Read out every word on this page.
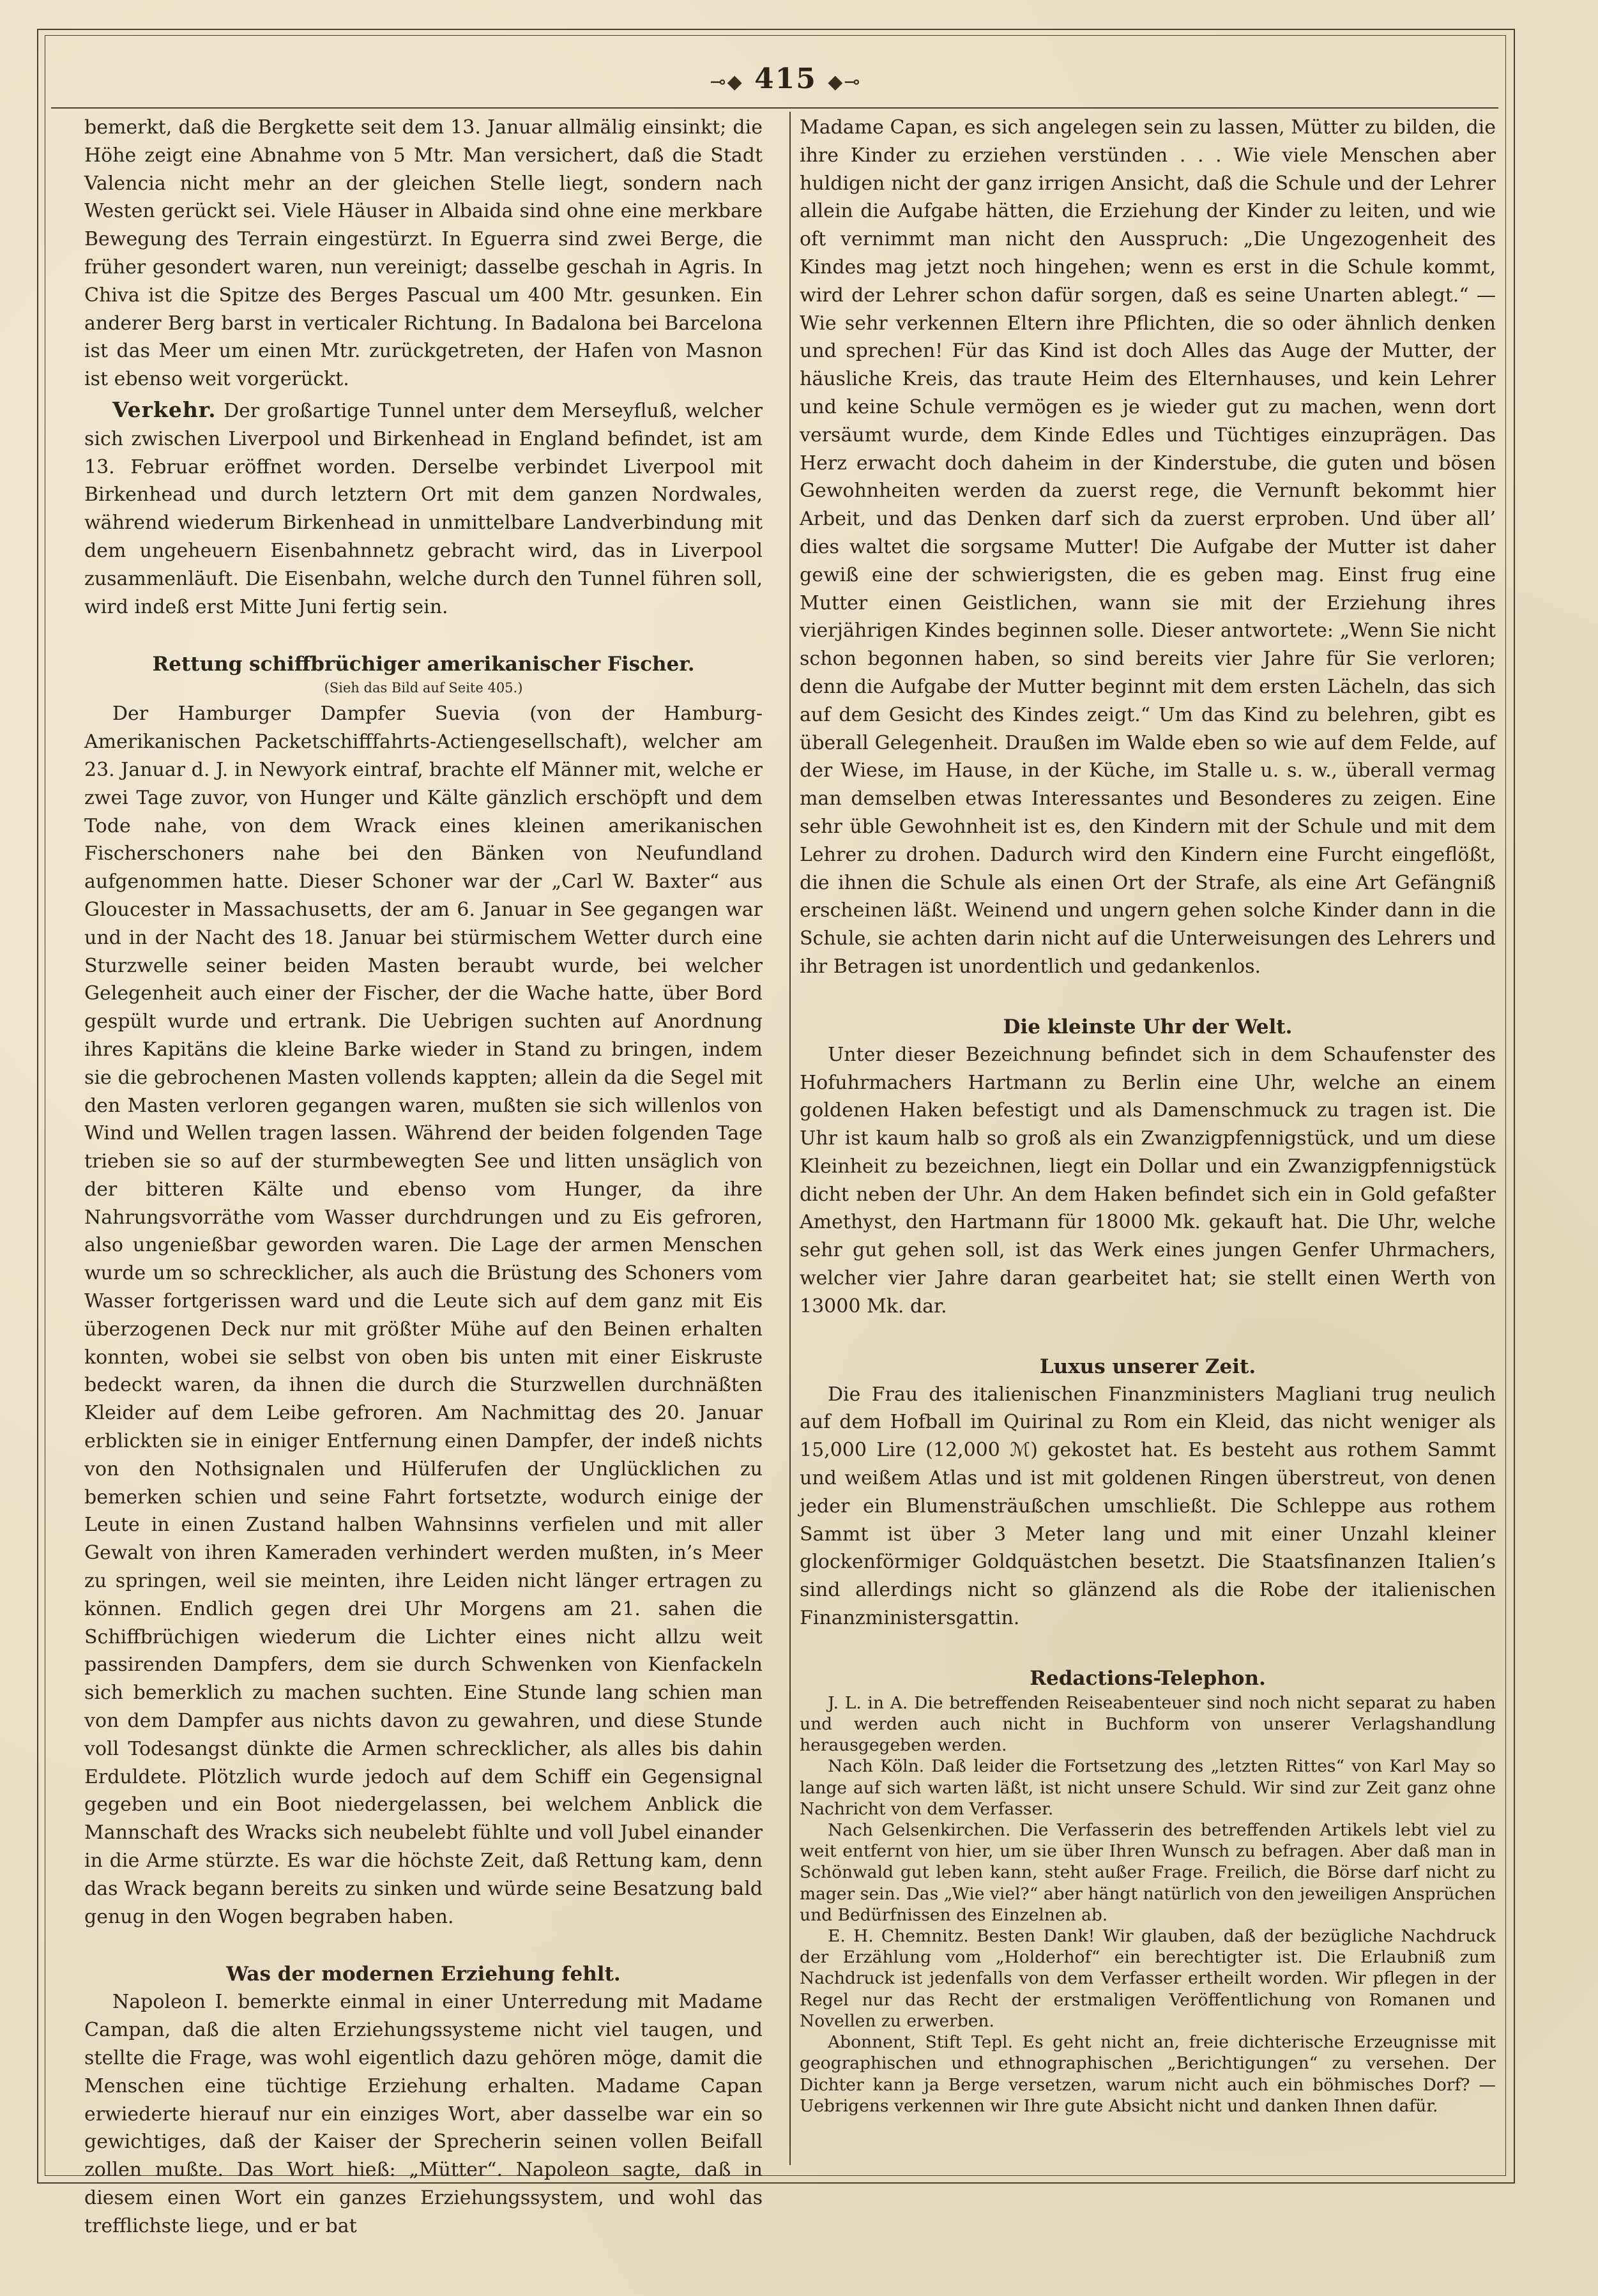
⊸◆ 415 ◆⊸

bemerkt, daß die Bergkette seit dem 13. Januar allmälig einsinkt; die Höhe zeigt eine Abnahme von 5 Mtr. Man versichert, daß die Stadt Valencia nicht mehr an der gleichen Stelle liegt, sondern nach Westen gerückt sei. Viele Häuser in Albaida sind ohne eine merkbare Bewegung des Terrain eingestürzt. In Eguerra sind zwei Berge, die früher gesondert waren, nun vereinigt; dasselbe geschah in Agris. In Chiva ist die Spitze des Berges Pascual um 400 Mtr. gesunken. Ein anderer Berg barst in verticaler Richtung. In Badalona bei Barcelona ist das Meer um einen Mtr. zurückgetreten, der Hafen von Masnon ist ebenso weit vorgerückt.

Verkehr. Der großartige Tunnel unter dem Merseyfluß, welcher sich zwischen Liverpool und Birkenhead in England befindet, ist am 13. Februar eröffnet worden. Derselbe verbindet Liverpool mit Birkenhead und durch letztern Ort mit dem ganzen Nordwales, während wiederum Birkenhead in unmittelbare Landverbindung mit dem ungeheuern Eisenbahnnetz gebracht wird, das in Liverpool zusammenläuft. Die Eisenbahn, welche durch den Tunnel führen soll, wird indeß erst Mitte Juni fertig sein.

Rettung schiffbrüchiger amerikanischer Fischer.
(Sieh das Bild auf Seite 405.)

Der Hamburger Dampfer Suevia (von der Hamburg-Amerikanischen Packetschifffahrts-Actiengesellschaft), welcher am 23. Januar d. J. in Newyork eintraf, brachte elf Männer mit, welche er zwei Tage zuvor, von Hunger und Kälte gänzlich erschöpft und dem Tode nahe, von dem Wrack eines kleinen amerikanischen Fischerschoners nahe bei den Bänken von Neufundland aufgenommen hatte. Dieser Schoner war der „Carl W. Baxter“ aus Gloucester in Massachusetts, der am 6. Januar in See gegangen war und in der Nacht des 18. Januar bei stürmischem Wetter durch eine Sturzwelle seiner beiden Masten beraubt wurde, bei welcher Gelegenheit auch einer der Fischer, der die Wache hatte, über Bord gespült wurde und ertrank. Die Uebrigen suchten auf Anordnung ihres Kapitäns die kleine Barke wieder in Stand zu bringen, indem sie die gebrochenen Masten vollends kappten; allein da die Segel mit den Masten verloren gegangen waren, mußten sie sich willenlos von Wind und Wellen tragen lassen. Während der beiden folgenden Tage trieben sie so auf der sturmbewegten See und litten unsäglich von der bitteren Kälte und ebenso vom Hunger, da ihre Nahrungsvorräthe vom Wasser durchdrungen und zu Eis gefroren, also ungenießbar geworden waren. Die Lage der armen Menschen wurde um so schrecklicher, als auch die Brüstung des Schoners vom Wasser fortgerissen ward und die Leute sich auf dem ganz mit Eis überzogenen Deck nur mit größter Mühe auf den Beinen erhalten konnten, wobei sie selbst von oben bis unten mit einer Eiskruste bedeckt waren, da ihnen die durch die Sturzwellen durchnäßten Kleider auf dem Leibe gefroren. Am Nachmittag des 20. Januar erblickten sie in einiger Entfernung einen Dampfer, der indeß nichts von den Nothsignalen und Hülferufen der Unglücklichen zu bemerken schien und seine Fahrt fortsetzte, wodurch einige der Leute in einen Zustand halben Wahnsinns verfielen und mit aller Gewalt von ihren Kameraden verhindert werden mußten, in’s Meer zu springen, weil sie meinten, ihre Leiden nicht länger ertragen zu können. Endlich gegen drei Uhr Morgens am 21. sahen die Schiffbrüchigen wiederum die Lichter eines nicht allzu weit passirenden Dampfers, dem sie durch Schwenken von Kienfackeln sich bemerklich zu machen suchten. Eine Stunde lang schien man von dem Dampfer aus nichts davon zu gewahren, und diese Stunde voll Todesangst dünkte die Armen schrecklicher, als alles bis dahin Erduldete. Plötzlich wurde jedoch auf dem Schiff ein Gegensignal gegeben und ein Boot niedergelassen, bei welchem Anblick die Mannschaft des Wracks sich neubelebt fühlte und voll Jubel einander in die Arme stürzte. Es war die höchste Zeit, daß Rettung kam, denn das Wrack begann bereits zu sinken und würde seine Besatzung bald genug in den Wogen begraben haben.

Was der modernen Erziehung fehlt.

Napoleon I. bemerkte einmal in einer Unterredung mit Madame Campan, daß die alten Erziehungssysteme nicht viel taugen, und stellte die Frage, was wohl eigentlich dazu gehören möge, damit die Menschen eine tüchtige Erziehung erhalten. Madame Capan erwiederte hierauf nur ein einziges Wort, aber dasselbe war ein so gewichtiges, daß der Kaiser der Sprecherin seinen vollen Beifall zollen mußte. Das Wort hieß: „Mütter“. Napoleon sagte, daß in diesem einen Wort ein ganzes Erziehungssystem, und wohl das trefflichste liege, und er bat

Madame Capan, es sich angelegen sein zu lassen, Mütter zu bilden, die ihre Kinder zu erziehen verstünden . . . Wie viele Menschen aber huldigen nicht der ganz irrigen Ansicht, daß die Schule und der Lehrer allein die Aufgabe hätten, die Erziehung der Kinder zu leiten, und wie oft vernimmt man nicht den Ausspruch: „Die Ungezogenheit des Kindes mag jetzt noch hingehen; wenn es erst in die Schule kommt, wird der Lehrer schon dafür sorgen, daß es seine Unarten ablegt.“ — Wie sehr verkennen Eltern ihre Pflichten, die so oder ähnlich denken und sprechen! Für das Kind ist doch Alles das Auge der Mutter, der häusliche Kreis, das traute Heim des Elternhauses, und kein Lehrer und keine Schule vermögen es je wieder gut zu machen, wenn dort versäumt wurde, dem Kinde Edles und Tüchtiges einzuprägen. Das Herz erwacht doch daheim in der Kinderstube, die guten und bösen Gewohnheiten werden da zuerst rege, die Vernunft bekommt hier Arbeit, und das Denken darf sich da zuerst erproben. Und über all’ dies waltet die sorgsame Mutter! Die Aufgabe der Mutter ist daher gewiß eine der schwierigsten, die es geben mag. Einst frug eine Mutter einen Geistlichen, wann sie mit der Erziehung ihres vierjährigen Kindes beginnen solle. Dieser antwortete: „Wenn Sie nicht schon begonnen haben, so sind bereits vier Jahre für Sie verloren; denn die Aufgabe der Mutter beginnt mit dem ersten Lächeln, das sich auf dem Gesicht des Kindes zeigt.“ Um das Kind zu belehren, gibt es überall Gelegenheit. Draußen im Walde eben so wie auf dem Felde, auf der Wiese, im Hause, in der Küche, im Stalle u. s. w., überall vermag man demselben etwas Interessantes und Besonderes zu zeigen. Eine sehr üble Gewohnheit ist es, den Kindern mit der Schule und mit dem Lehrer zu drohen. Dadurch wird den Kindern eine Furcht eingeflößt, die ihnen die Schule als einen Ort der Strafe, als eine Art Gefängniß erscheinen läßt. Weinend und ungern gehen solche Kinder dann in die Schule, sie achten darin nicht auf die Unterweisungen des Lehrers und ihr Betragen ist unordentlich und gedankenlos.

Die kleinste Uhr der Welt.

Unter dieser Bezeichnung befindet sich in dem Schaufenster des Hofuhrmachers Hartmann zu Berlin eine Uhr, welche an einem goldenen Haken befestigt und als Damenschmuck zu tragen ist. Die Uhr ist kaum halb so groß als ein Zwanzigpfennigstück, und um diese Kleinheit zu bezeichnen, liegt ein Dollar und ein Zwanzigpfennigstück dicht neben der Uhr. An dem Haken befindet sich ein in Gold gefaßter Amethyst, den Hartmann für 18000 Mk. gekauft hat. Die Uhr, welche sehr gut gehen soll, ist das Werk eines jungen Genfer Uhrmachers, welcher vier Jahre daran gearbeitet hat; sie stellt einen Werth von 13000 Mk. dar.

Luxus unserer Zeit.

Die Frau des italienischen Finanzministers Magliani trug neulich auf dem Hofball im Quirinal zu Rom ein Kleid, das nicht weniger als 15,000 Lire (12,000 ℳ) gekostet hat. Es besteht aus rothem Sammt und weißem Atlas und ist mit goldenen Ringen überstreut, von denen jeder ein Blumensträußchen umschließt. Die Schleppe aus rothem Sammt ist über 3 Meter lang und mit einer Unzahl kleiner glockenförmiger Goldquästchen besetzt. Die Staatsfinanzen Italien’s sind allerdings nicht so glänzend als die Robe der italienischen Finanzministersgattin.

Redactions-Telephon.

J. L. in A. Die betreffenden Reiseabenteuer sind noch nicht separat zu haben und werden auch nicht in Buchform von unserer Verlagshandlung herausgegeben werden.

Nach Köln. Daß leider die Fortsetzung des „letzten Rittes“ von Karl May so lange auf sich warten läßt, ist nicht unsere Schuld. Wir sind zur Zeit ganz ohne Nachricht von dem Verfasser.

Nach Gelsenkirchen. Die Verfasserin des betreffenden Artikels lebt viel zu weit entfernt von hier, um sie über Ihren Wunsch zu befragen. Aber daß man in Schönwald gut leben kann, steht außer Frage. Freilich, die Börse darf nicht zu mager sein. Das „Wie viel?“ aber hängt natürlich von den jeweiligen Ansprüchen und Bedürfnissen des Einzelnen ab.

E. H. Chemnitz. Besten Dank! Wir glauben, daß der bezügliche Nachdruck der Erzählung vom „Holderhof“ ein berechtigter ist. Die Erlaubniß zum Nachdruck ist jedenfalls von dem Verfasser ertheilt worden. Wir pflegen in der Regel nur das Recht der erstmaligen Veröffentlichung von Romanen und Novellen zu erwerben.

Abonnent, Stift Tepl. Es geht nicht an, freie dichterische Erzeugnisse mit geographischen und ethnographischen „Berichtigungen“ zu versehen. Der Dichter kann ja Berge versetzen, warum nicht auch ein böhmisches Dorf? — Uebrigens verkennen wir Ihre gute Absicht nicht und danken Ihnen dafür.
